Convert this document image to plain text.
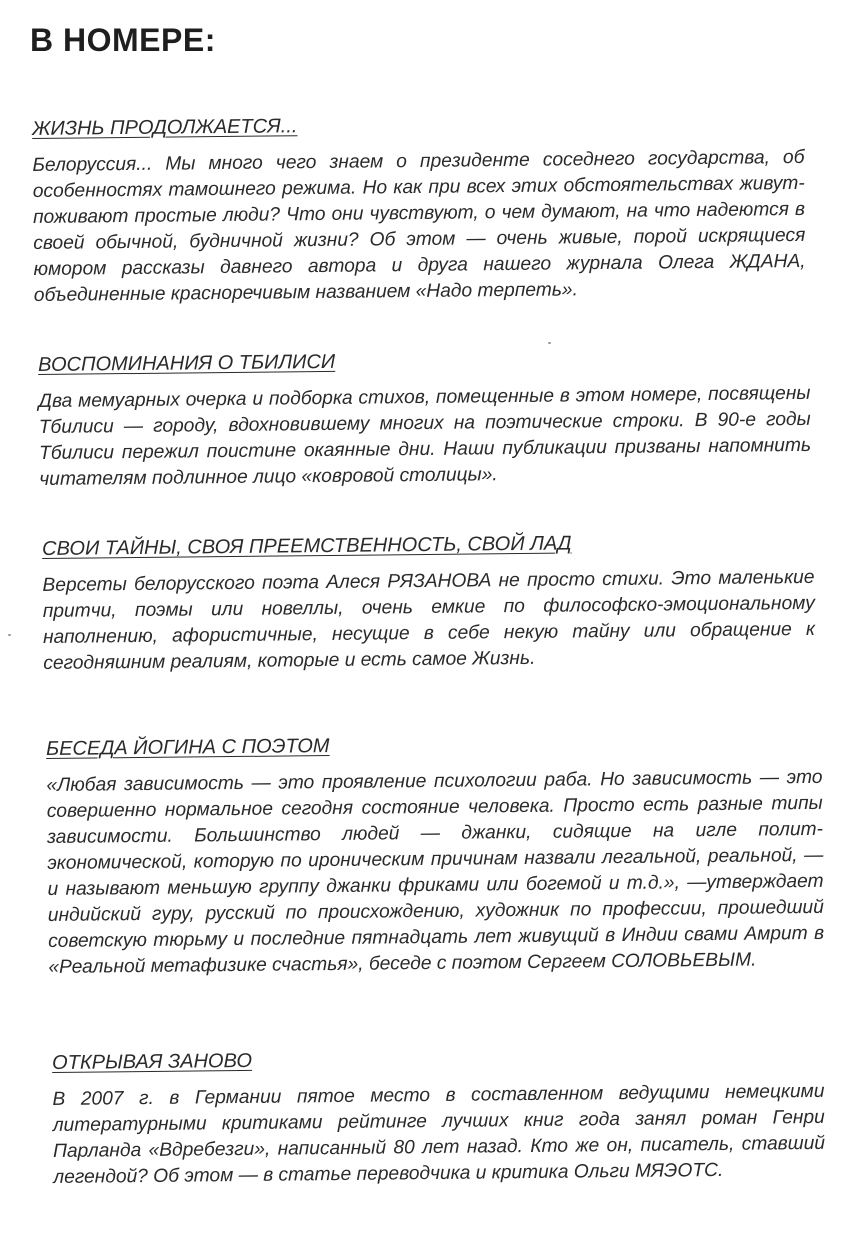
В НОМЕРЕ:
ЖИЗНЬ ПРОДОЛЖАЕТСЯ...
Белоруссия... Мы много чего знаем о президенте соседнего государства, об особенностях тамошнего режима. Но как при всех этих обстоятельствах живут-поживают простые люди? Что они чувствуют, о чем думают, на что надеются в своей обычной, будничной жизни? Об этом — очень живые, порой искрящиеся юмором рассказы давнего автора и друга нашего журнала Олега ЖДАНА, объединенные красноречивым названием «Надо терпеть».
ВОСПОМИНАНИЯ О ТБИЛИСИ
Два мемуарных очерка и подборка стихов, помещенные в этом номере, посвящены Тбилиси — городу, вдохновившему многих на поэтические строки. В 90-е годы Тбилиси пережил поистине окаянные дни. Наши публикации призваны напомнить читателям подлинное лицо «ковровой столицы».
СВОИ ТАЙНЫ, СВОЯ ПРЕЕМСТВЕННОСТЬ, СВОЙ ЛАД
Версеты белорусского поэта Алеся РЯЗАНОВА не просто стихи. Это маленькие притчи, поэмы или новеллы, очень емкие по философско-эмоциональному наполнению, афористичные, несущие в себе некую тайну или обращение к сегодняшним реалиям, которые и есть самое Жизнь.
БЕСЕДА ЙОГИНА С ПОЭТОМ
«Любая зависимость — это проявление психологии раба. Но зависимость — это совершенно нормальное сегодня состояние человека. Просто есть разные типы зависимости. Большинство людей — джанки, сидящие на игле полит-экономической, которую по ироническим причинам назвали легальной, реальной, — и называют меньшую группу джанки фриками или богемой и т.д.», —утверждает индийский гуру, русский по происхождению, художник по профессии, прошедший советскую тюрьму и последние пятнадцать лет живущий в Индии свами Амрит в «Реальной метафизике счастья», беседе с поэтом Сергеем СОЛОВЬЕВЫМ.
ОТКРЫВАЯ ЗАНОВО
В 2007 г. в Германии пятое место в составленном ведущими немецкими литературными критиками рейтинге лучших книг года занял роман Генри Парланда «Вдребезги», написанный 80 лет назад. Кто же он, писатель, ставший легендой? Об этом — в статье переводчика и критика Ольги МЯЭОТС.
